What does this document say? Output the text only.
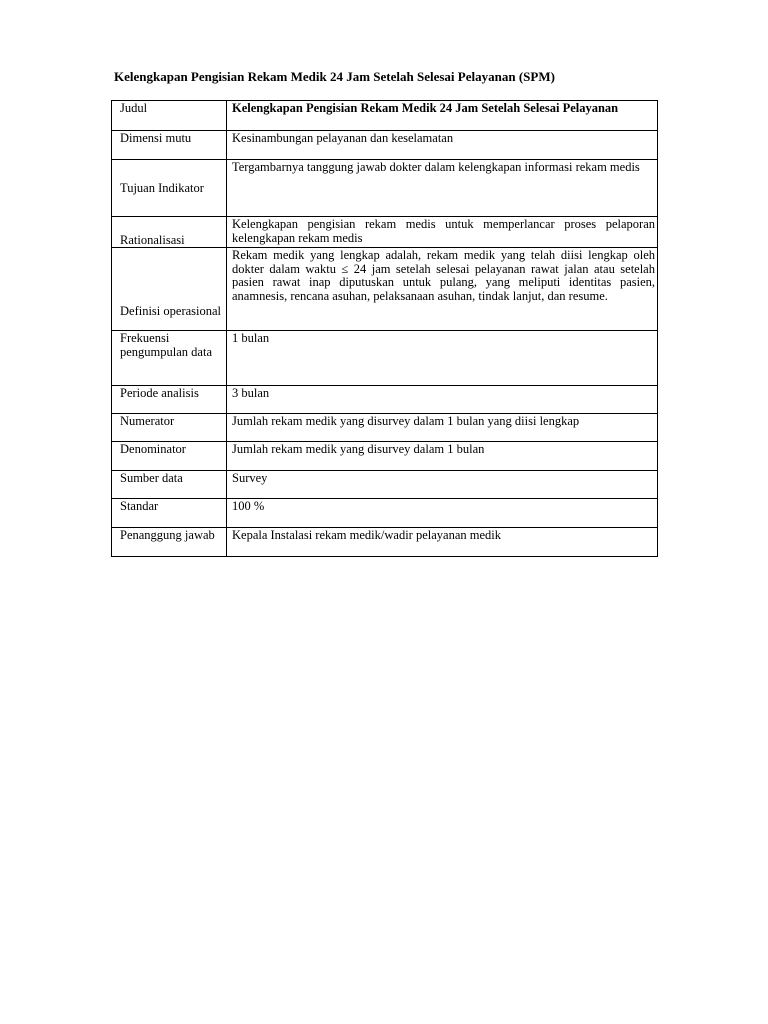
Kelengkapan Pengisian Rekam Medik 24 Jam Setelah Selesai Pelayanan (SPM)
Judul	Kelengkapan Pengisian Rekam Medik 24 Jam Setelah Selesai Pelayanan
Dimensi mutu	Kesinambungan pelayanan dan keselamatan
Tujuan Indikator	Tergambarnya tanggung jawab dokter dalam kelengkapan informasi rekam medis
Rationalisasi	Kelengkapan pengisian rekam medis untuk memperlancar proses pelaporan kelengkapan rekam medis
Definisi operasional	Rekam medik yang lengkap adalah, rekam medik yang telah diisi lengkap oleh dokter dalam waktu ≤ 24 jam setelah selesai pelayanan rawat jalan atau setelah pasien rawat inap diputuskan untuk pulang, yang meliputi identitas pasien, anamnesis, rencana asuhan, pelaksanaan asuhan, tindak lanjut, dan resume.
Frekuensi pengumpulan data	1 bulan
Periode analisis	3 bulan
Numerator	Jumlah rekam medik yang disurvey dalam 1 bulan yang diisi lengkap
Denominator	Jumlah rekam medik yang disurvey dalam 1 bulan
Sumber data	Survey
Standar	100 %
Penanggung jawab	Kepala Instalasi rekam medik/wadir pelayanan medik
